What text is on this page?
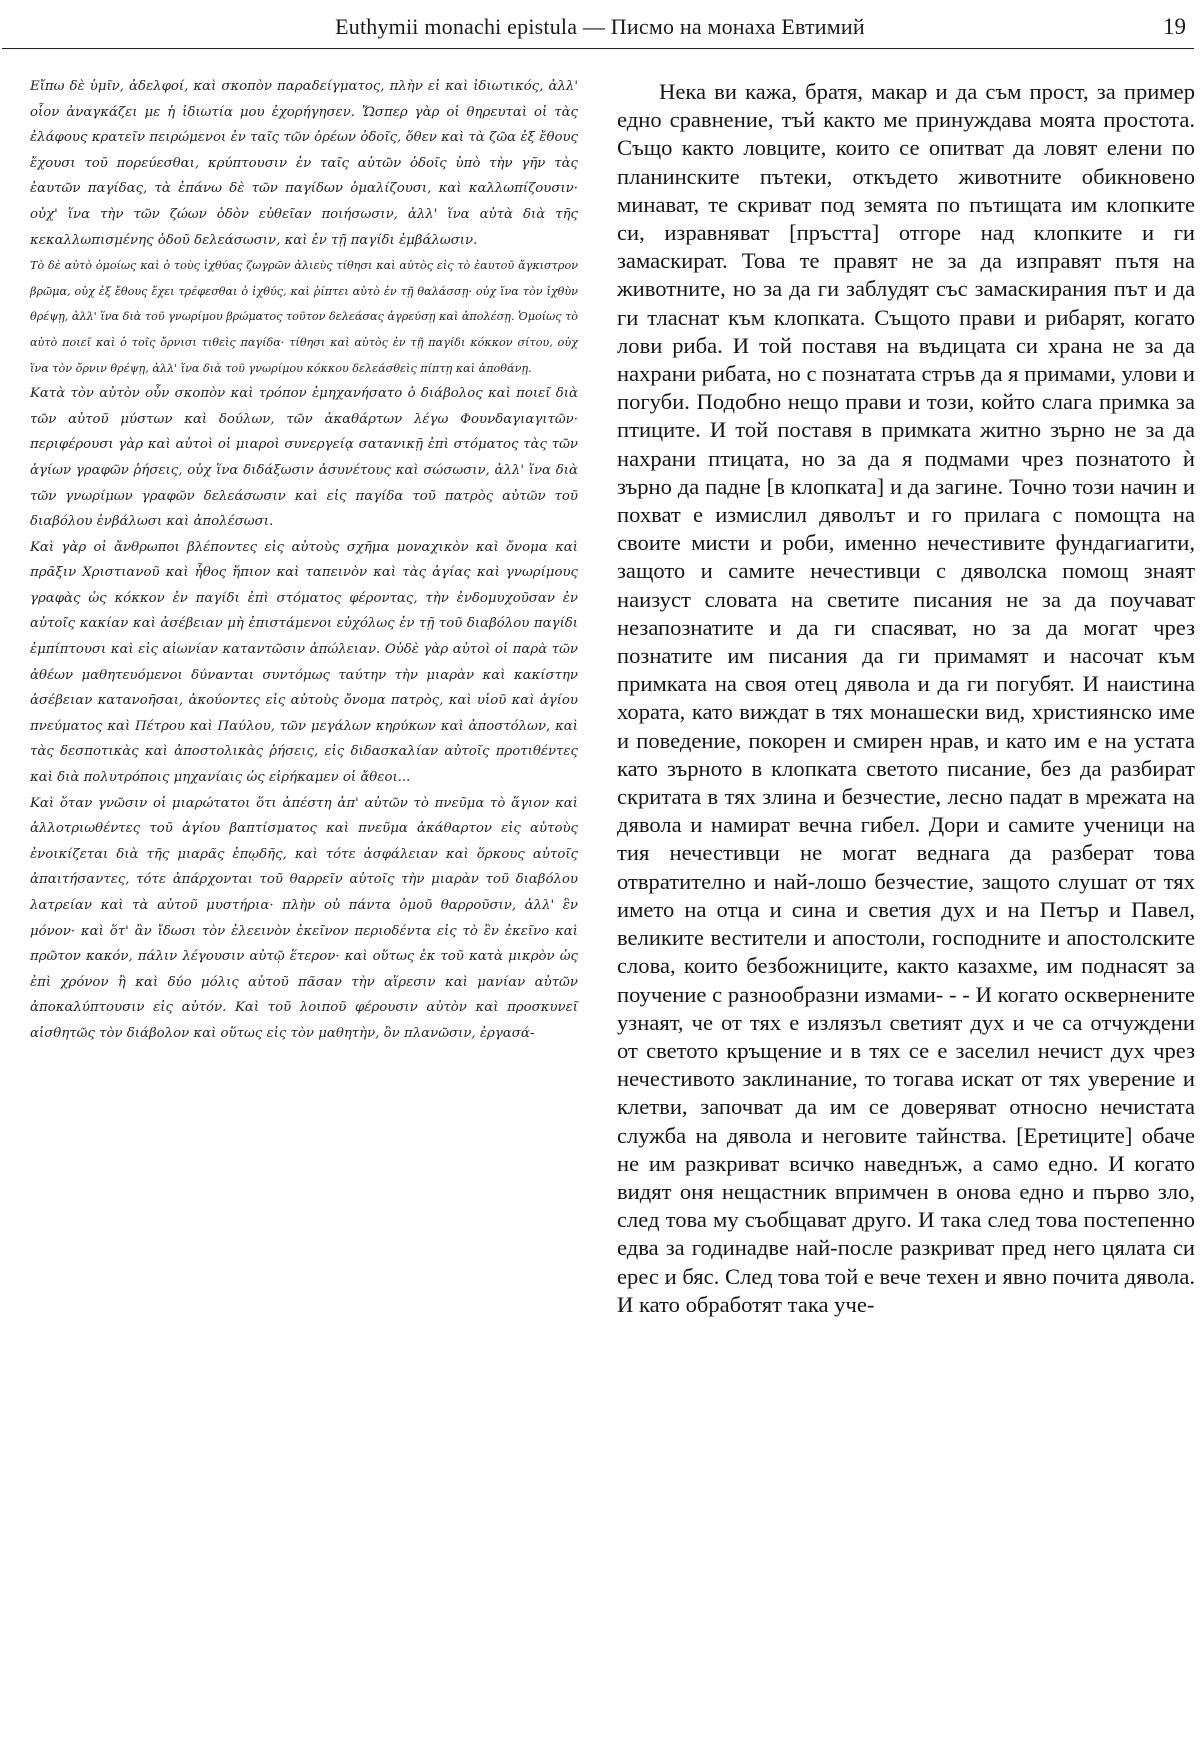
Euthymii monachi epistula — Писмо на монаха Евтимий	19

Εἴπω δὲ ὑμῖν, ἀδελφοί, καὶ σκοπὸν παραδείγματος, πλὴν εἰ καὶ ἰδιωτικός, ἀλλ' οἷον ἀναγκάζει με ἡ ἰδιωτία μου ἐχορήγησεν. Ὥσπερ γὰρ οἱ θηρευταὶ οἱ τὰς ἐλάφους κρατεῖν πειρώμενοι ἐν ταῖς τῶν ὀρέων ὁδοῖς, ὅθεν καὶ τὰ ζῶα ἐξ ἔθους ἔχουσι τοῦ πορεύεσθαι, κρύπτουσιν ἐν ταῖς αὐτῶν ὁδοῖς ὑπὸ τὴν γῆν τὰς ἑαυτῶν παγίδας, τὰ ἐπάνω δὲ τῶν παγίδων ὁμαλίζουσι, καὶ καλλωπίζουσιν· οὐχ' ἵνα τὴν τῶν ζώων ὁδὸν εὐθεῖαν ποιήσωσιν, ἀλλ' ἵνα αὐτὰ διὰ τῆς κεκαλλωπισμένης ὁδοῦ δελεάσωσιν, καὶ ἐν τῇ παγίδι ἐμβάλωσιν.

Τὸ δὲ αὐτὸ ὁμοίως καὶ ὁ τοὺς ἰχθύας ζωγρῶν ἁλιεὺς τίθησι καὶ αὐτὸς εἰς τὸ ἑαυτοῦ ἄγκιστρον βρῶμα, οὐχ ἐξ ἔθους ἔχει τρέφεσθαι ὁ ἰχθύς, καὶ ῥίπτει αὐτὸ ἐν τῇ θαλάσσῃ· οὐχ ἵνα τὸν ἰχθὺν θρέψῃ, ἀλλ' ἵνα διὰ τοῦ γνωρίμου βρώματος τοῦτον δελεάσας ἀγρεύσῃ καὶ ἀπολέσῃ. Ὁμοίως τὸ αὐτὸ ποιεῖ καὶ ὁ τοῖς ὄρνισι τιθεὶς παγίδα· τίθησι καὶ αὐτὸς ἐν τῇ παγίδι κόκκον σίτου, οὐχ ἵνα τὸν ὄρνιν θρέψῃ, ἀλλ' ἵνα διὰ τοῦ γνωρίμου κόκκου δελεάσθεὶς πίπτῃ καὶ ἀποθάνῃ.

Κατὰ τὸν αὐτὸν οὖν σκοπὸν καὶ τρόπον ἐμηχανήσατο ὁ διάβολος καὶ ποιεῖ διὰ τῶν αὐτοῦ μύστων καὶ δούλων, τῶν ἀκαθάρτων λέγω Φουνδαγιαγιτῶν· περιφέρουσι γὰρ καὶ αὐτοὶ οἱ μιαροὶ συνεργείᾳ σατανικῇ ἐπὶ στόματος τὰς τῶν ἁγίων γραφῶν ῥήσεις, οὐχ ἵνα διδάξωσιν ἀσυνέτους καὶ σώσωσιν, ἀλλ' ἵνα διὰ τῶν γνωρίμων γραφῶν δελεάσωσιν καὶ εἰς παγίδα τοῦ πατρὸς αὐτῶν τοῦ διαβόλου ἐνβάλωσι καὶ ἀπολέσωσι.

Καὶ γὰρ οἱ ἄνθρωποι βλέποντες εἰς αὐτοὺς σχῆμα μοναχικὸν καὶ ὄνομα καὶ πρᾶξιν Χριστιανοῦ καὶ ἦθος ἥπιον καὶ ταπεινὸν καὶ τὰς ἁγίας καὶ γνωρίμους γραφὰς ὡς κόκκον ἐν παγίδι ἐπὶ στόματος φέροντας, τὴν ἐνδομυχοῦσαν ἐν αὐτοῖς κακίαν καὶ ἀσέβειαν μὴ ἐπιστάμενοι εὐχόλως ἐν τῇ τοῦ διαβόλου παγίδι ἐμπίπτουσι καὶ εἰς αἰωνίαν καταντῶσιν ἀπώλειαν. Οὐδὲ γὰρ αὐτοὶ οἱ παρὰ τῶν ἀθέων μαθητευόμενοι δύνανται συντόμως ταύτην τὴν μιαρὰν καὶ κακίστην ἀσέβειαν κατανοῆσαι, ἀκούοντες εἰς αὐτοὺς ὄνομα πατρὸς, καὶ υἱοῦ καὶ ἁγίου πνεύματος καὶ Πέτρου καὶ Παύλου, τῶν μεγάλων κηρύκων καὶ ἀποστόλων, καὶ τὰς δεσποτικὰς καὶ ἀποστολικὰς ῥήσεις, εἰς διδασκαλίαν αὐτοῖς προτιθέντες καὶ διὰ πολυτρόποις μηχανίαις ὡς εἰρήκαμεν οἱ ἄθεοι...

Καὶ ὅταν γνῶσιν οἱ μιαρώτατοι ὅτι ἀπέστη ἀπ' αὐτῶν τὸ πνεῦμα τὸ ἅγιον καὶ ἀλλοτριωθέντες τοῦ ἁγίου βαπτίσματος καὶ πνεῦμα ἀκάθαρτον εἰς αὐτοὺς ἐνοικίζεται διὰ τῆς μιαρᾶς ἐπῳδῆς, καὶ τότε ἀσφάλειαν καὶ ὅρκους αὐτοῖς ἀπαιτήσαντες, τότε ἀπάρχονται τοῦ θαρρεῖν αὐτοῖς τὴν μιαρὰν τοῦ διαβόλου λατρείαν καὶ τὰ αὐτοῦ μυστήρια· πλὴν οὐ πάντα ὁμοῦ θαρροῦσιν, ἀλλ' ἓν μόνον· καὶ ὅτ' ἂν ἴδωσι τὸν ἐλεεινὸν ἐκεῖνον περιοδέντα εἰς τὸ ἓν ἐκεῖνο καὶ πρῶτον κακόν, πάλιν λέγουσιν αὐτῷ ἕτερον· καὶ οὕτως ἐκ τοῦ κατὰ μικρὸν ὡς ἐπὶ χρόνον ἢ καὶ δύο μόλις αὐτοῦ πᾶσαν τὴν αἵρεσιν καὶ μανίαν αὐτῶν ἀποκαλύπτουσιν εἰς αὐτόν. Καὶ τοῦ λοιποῦ φέρουσιν αὐτὸν καὶ προσκυνεῖ αἰσθητῶς τὸν διάβολον καὶ οὕτως εἰς τὸν μαθητὴν, ὃν πλανῶσιν, ἐργασά-

Нека ви кажа, братя, макар и да съм прост, за пример едно сравнение, тъй както ме принуждава моята простота. Също както ловците, които се опитват да ловят елени по планинските пътеки, откъдето животните обикновено минават, те скриват под земята по пътищата им клопките си, изравняват [пръстта] отгоре над клопките и ги замаскират. Това те правят не за да изправят пътя на животните, но за да ги заблудят със замаскирания път и да ги тласнат към клопката. Същото прави и рибарят, когато лови риба. И той поставя на въдицата си храна не за да нахрани рибата, но с познатата стръв да я примами, улови и погуби. Подобно нещо прави и този, който слага примка за птиците. И той поставя в примката житно зърно не за да нахрани птицата, но за да я подмами чрез познатото ѝ зърно да падне [в клопката] и да загине. Точно този начин и похват е измислил дяволът и го прилага с помощта на своите мисти и роби, именно нечестивите фундагиагити, защото и самите нечестивци с дяволска помощ знаят наизуст словата на светите писания не за да поучават незапознатите и да ги спасяват, но за да могат чрез познатите им писания да ги примамят и насочат към примката на своя отец дявола и да ги погубят. И наистина хората, като виждат в тях монашески вид, християнско име и поведение, покорен и смирен нрав, и като им е на устата като зърното в клопката светото писание, без да разбират скритата в тях злина и безчестие, лесно падат в мрежата на дявола и намират вечна гибел. Дори и самите ученици на тия нечестивци не могат веднага да разберат това отвратително и най-лошо безчестие, защото слушат от тях името на отца и сина и светия дух и на Петър и Павел, великите вестители и апостоли, господните и апостолските слова, които безбожниците, както казахме, им поднасят за поучение с разнообразни измами- - - И когато осквернените узнаят, че от тях е излязъл светият дух и че са отчуждени от светото кръщение и в тях се е заселил нечист дух чрез нечестивото заклинание, то тогава искат от тях уверение и клетви, започват да им се доверяват относно нечистата служба на дявола и неговите тайнства. [Еретиците] обаче не им разкриват всичко наведнъж, а само едно. И когато видят оня нещастник впримчен в онова едно и първо зло, след това му съобщават друго. И така след това постепенно едва за годинадве най-после разкриват пред него цялата си ерес и бяс. След това той е вече техен и явно почита дявола. И като обработят така уче-
